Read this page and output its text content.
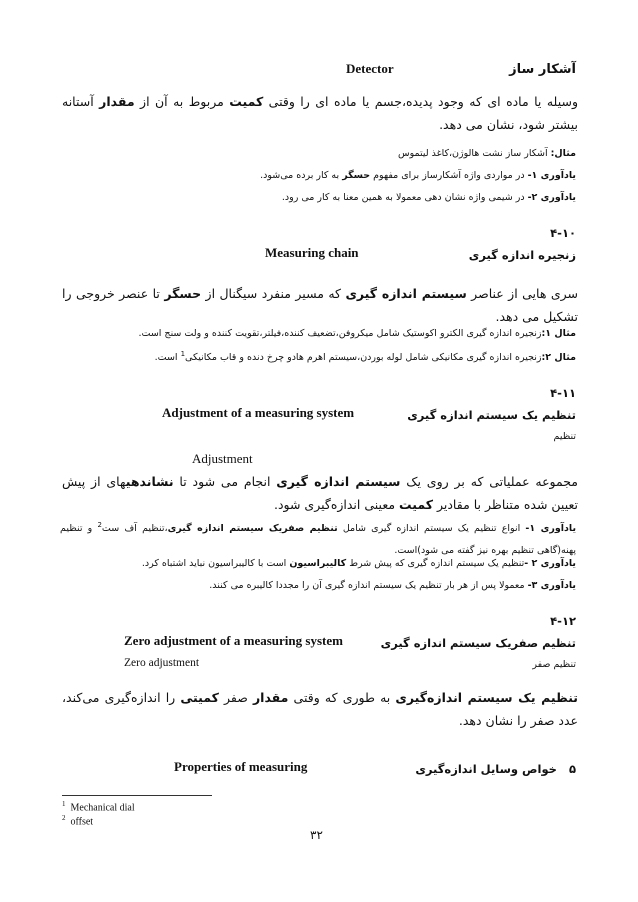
آشکار ساز
Detector
وسیله یا ماده ای که وجود پدیده،جسم یا ماده ای را وقتی کمیت مربوط به آن از مقدار آستانه بیشتر شود، نشان می دهد.
مثال: آشکار ساز نشت هالوژن،کاغذ لیتموس
یادآوری ۱- در مواردی واژه آشکارساز برای مفهوم حسگر به کار برده می‌شود.
یادآوری ۲- در شیمی واژه نشان دهی معمولا به همین معنا به کار می رود.
۴-۱۰
زنجیره اندازه گیری
Measuring chain
سری هایی از عناصر سیستم اندازه گیری که مسیر منفرد سیگنال از حسگر تا عنصر خروجی را تشکیل می دهد.
مثال ۱:زنجیره اندازه گیری الکترو اکوستیک شامل میکروفن،تضعیف کننده،فیلتر،تقویت کننده و ولت سنج است.
مثال ۲:زنجیره اندازه گیری مکانیکی شامل لوله بوردن،سیستم اهرم هادو چرخ دنده و قاب مکانیکی$^1$ است.
۴-۱۱
تنظیم یک سیستم اندازه گیری
Adjustment of a measuring system
تنظیم
Adjustment
مجموعه عملیاتی که بر روی یک سیستم اندازه گیری انجام می شود تا نشاندهیهای از پیش تعیین شده متناظر با مقادیر کمیت معینی اندازه‌گیری شود.
یادآوری ۱- انواع تنظیم یک سیستم اندازه گیری شامل تنظیم صفریک سیستم اندازه گیری،تنظیم آف ست$^2$ و تنظیم پهنه(گاهی تنظیم بهره نیز گفته می شود)است.
یادآوری ۲ -تنظیم یک سیستم اندازه گیری که پیش شرط کالیبراسیون است با کالیبراسیون نباید اشتباه کرد.
یادآوری ۳- معمولا پس از هر بار تنظیم یک سیستم اندازه گیری آن را مجددا کالیبره می کنند.
۴-۱۲
تنظیم صفریک سیستم اندازه گیری
Zero adjustment of a measuring system
تنظیم صفر
Zero adjustment
تنظیم یک سیستم اندازه‌گیری به طوری که وقتی مقدار صفر کمیتی را اندازه‌گیری می‌کند، عدد صفر را نشان دهد.
۵   خواص وسایل اندازه‌گیری
Properties of measuring
$^1$ Mechanical dial
$^2$ offset
۳۲
